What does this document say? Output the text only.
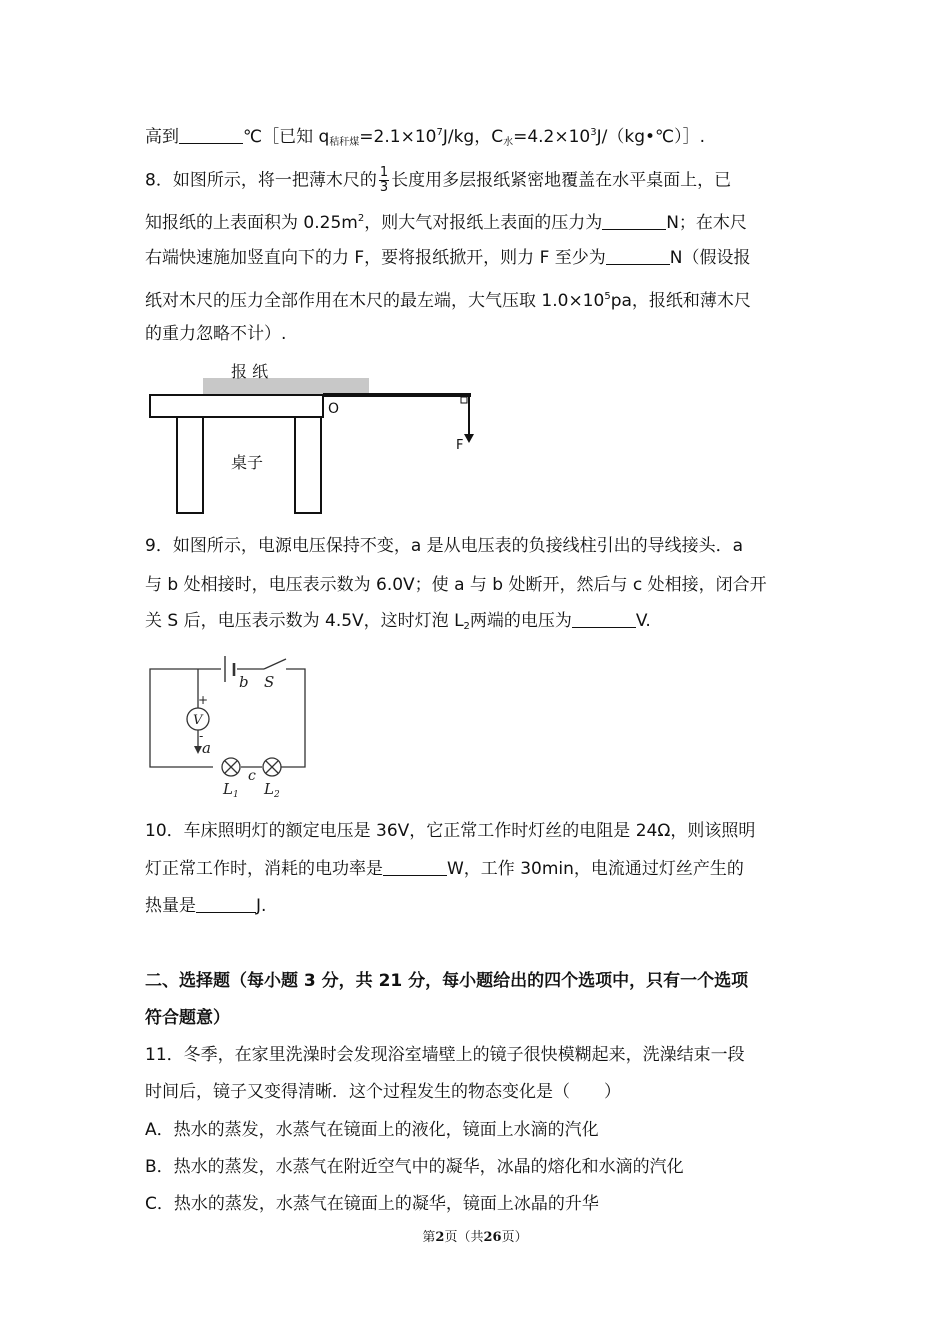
高到	℃［已知 $q_{秸秆煤}=2.1\times 10^7J/kg$，$C_水=4.2\times 10^3J/(kg•℃)]$.
8．如图所示，将一把薄木尺的 $\frac{1}{3}$ 长度用多层报纸紧密地覆盖在水平桌面上，已
知报纸的上表面积为 $0.25m^2$，则大气对报纸上表面的压力为	N；在木尺
右端快速施加竖直向下的力 F，要将报纸掀开，则力 F 至少为	N（假设报
纸对木尺的压力全部作用在木尺的最左端，大气压取 $1.0\times 10^5pa$，报纸和薄木尺
的重力忽略不计）.
报 纸
O
桌子
F
9．如图所示，电源电压保持不变，a 是从电压表的负接线柱引出的导线接头．a
与 b 处相接时，电压表示数为 6.0V；使 a 与 b 处断开，然后与 c 处相接，闭合开
关 S 后，电压表示数为 4.5V，这时灯泡 $L_2$两端的电压为	V.
b S
+
V
-
a
c
$L_1$ $L_2$
10．车床照明灯的额定电压是 36V，它正常工作时灯丝的电阻是 24Ω，则该照明
灯正常工作时，消耗的电功率是	W，工作 30min，电流通过灯丝产生的
热量是	J.
二、选择题（每小题 3 分，共 21 分，每小题给出的四个选项中，只有一个选项
符合题意）
11．冬季，在家里洗澡时会发现浴室墙壁上的镜子很快模糊起来，洗澡结束一段
时间后，镜子又变得清晰．这个过程发生的物态变化是（　　）
A．热水的蒸发，水蒸气在镜面上的液化，镜面上水滴的汽化
B．热水的蒸发，水蒸气在附近空气中的凝华，冰晶的熔化和水滴的汽化
C．热水的蒸发，水蒸气在镜面上的凝华，镜面上冰晶的升华
第2页（共26页）
